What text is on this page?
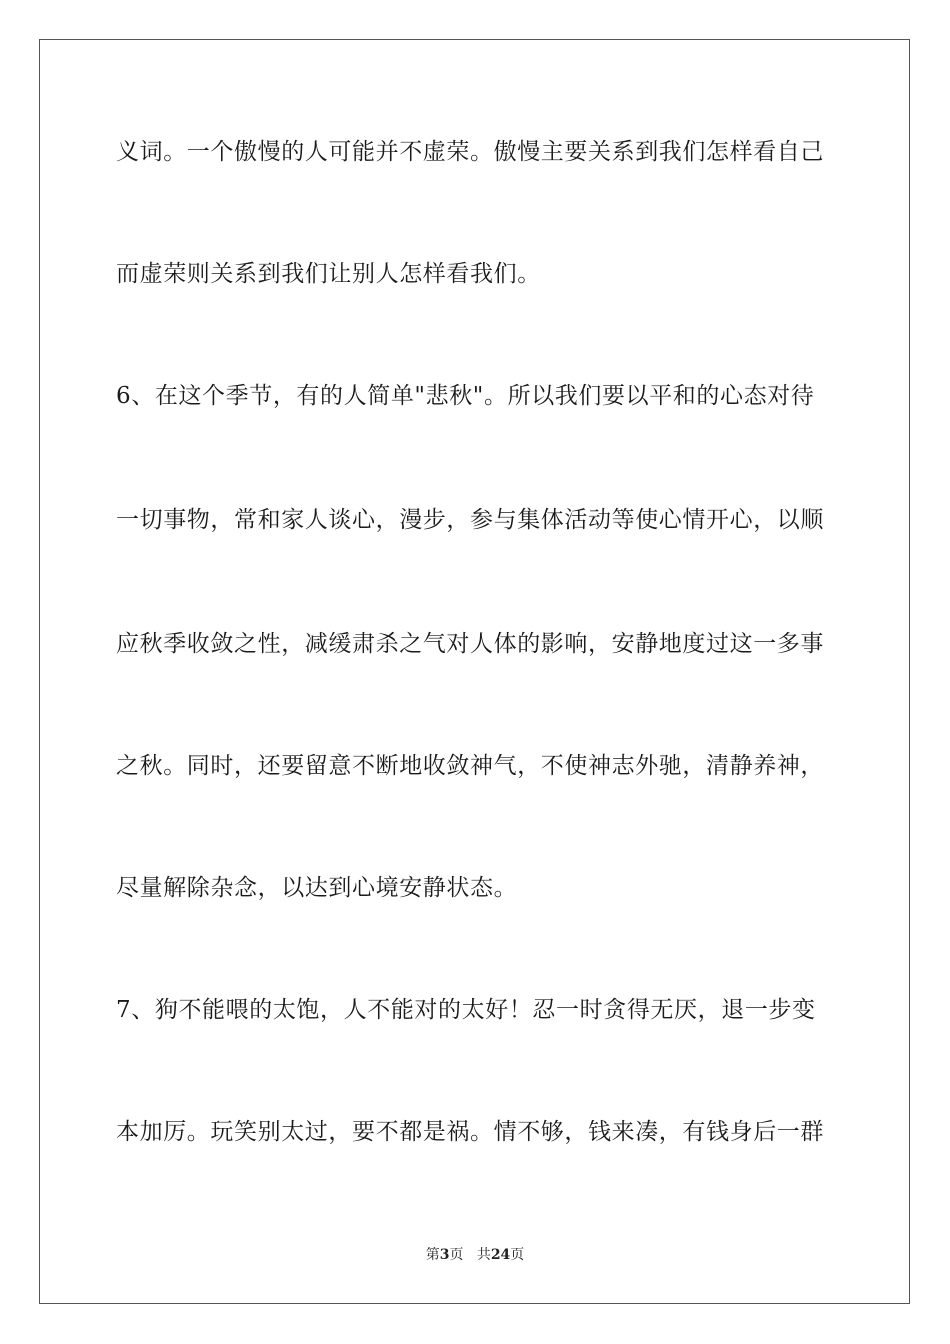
义词。一个傲慢的人可能并不虚荣。傲慢主要关系到我们怎样看自己
而虚荣则关系到我们让别人怎样看我们。
6、在这个季节，有的人简单"悲秋"。所以我们要以平和的心态对待
一切事物，常和家人谈心，漫步，参与集体活动等使心情开心，以顺
应秋季收敛之性，减缓肃杀之气对人体的影响，安静地度过这一多事
之秋。同时，还要留意不断地收敛神气，不使神志外驰，清静养神，
尽量解除杂念，以达到心境安静状态。
7、狗不能喂的太饱，人不能对的太好！忍一时贪得无厌，退一步变
本加厉。玩笑别太过，要不都是祸。情不够，钱来凑，有钱身后一群
第3页 共24页
